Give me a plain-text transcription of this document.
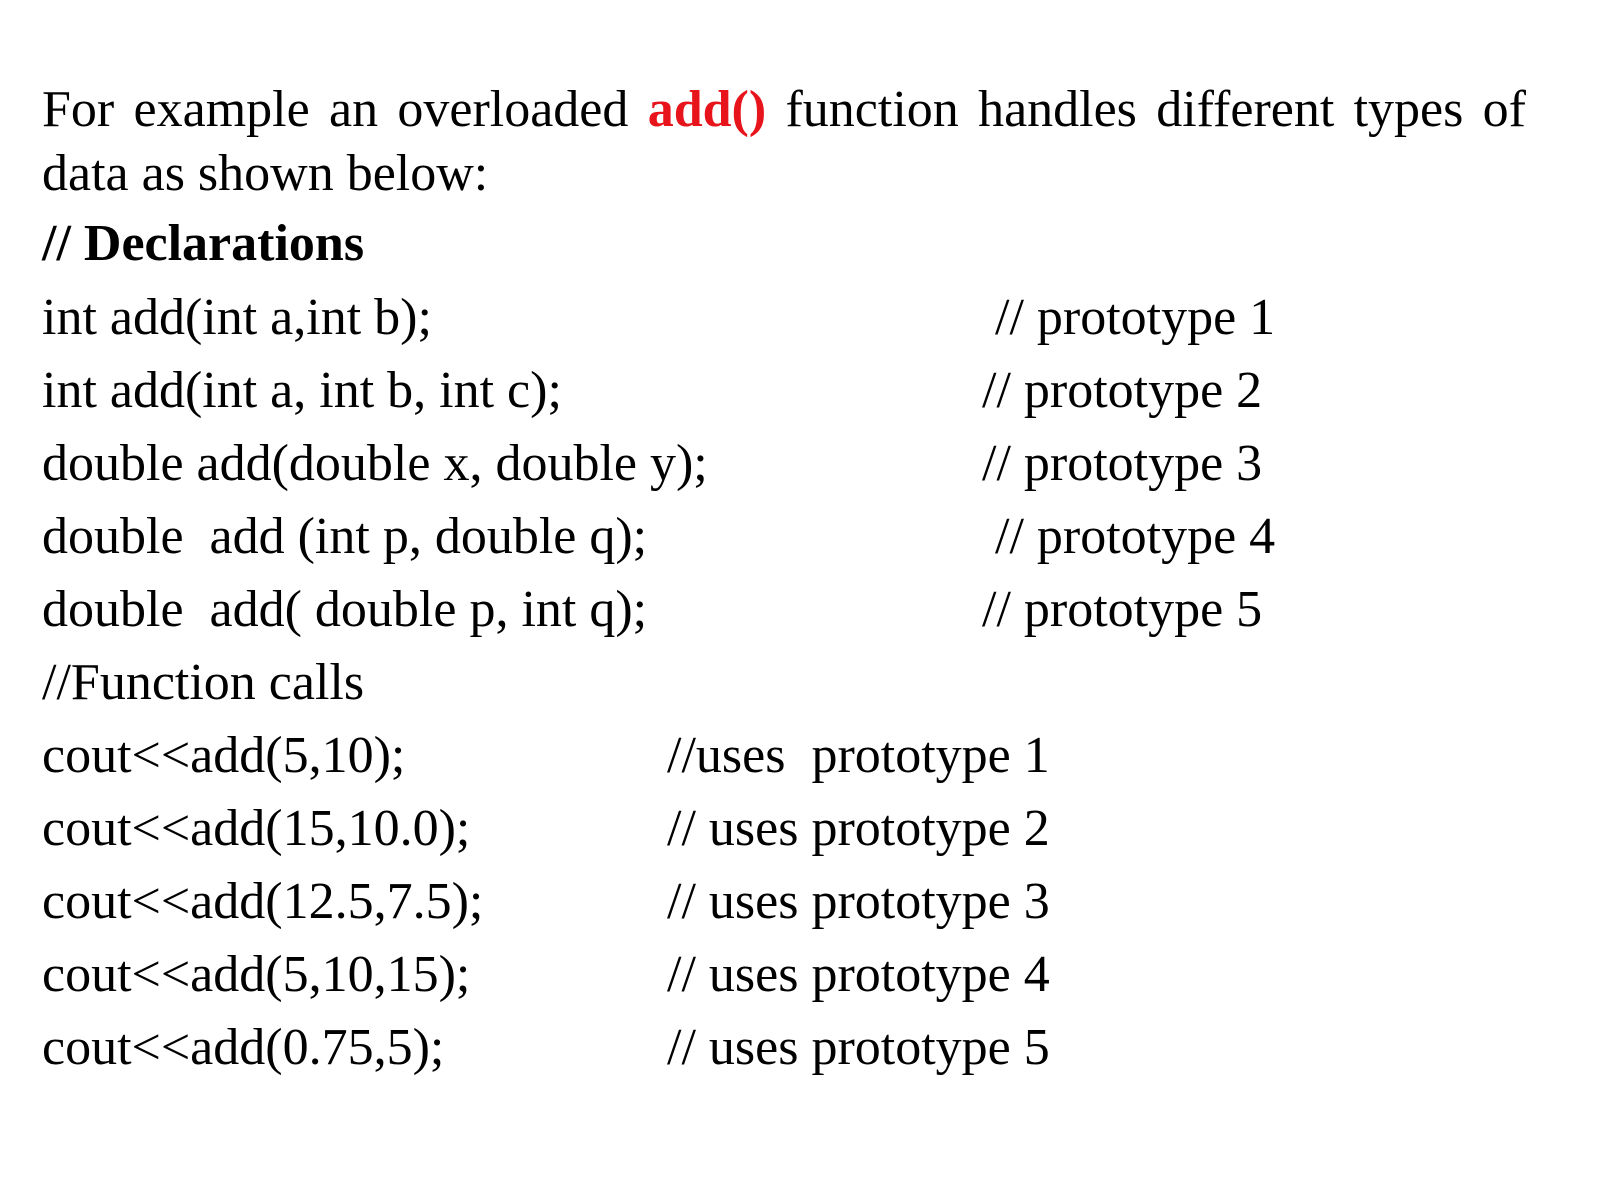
For example an overloaded add() function handles different types of data as shown below:
// Declarations
int add(int a,int b);	// prototype 1
int add(int a, int b, int c);	// prototype 2
double add(double x, double y);	// prototype 3
double  add (int p, double q);	// prototype 4
double  add( double p, int q);	// prototype 5
//Function calls
cout<<add(5,10);	//uses  prototype 1
cout<<add(15,10.0);	// uses prototype 2
cout<<add(12.5,7.5);	// uses prototype 3
cout<<add(5,10,15);	// uses prototype 4
cout<<add(0.75,5);	// uses prototype 5
